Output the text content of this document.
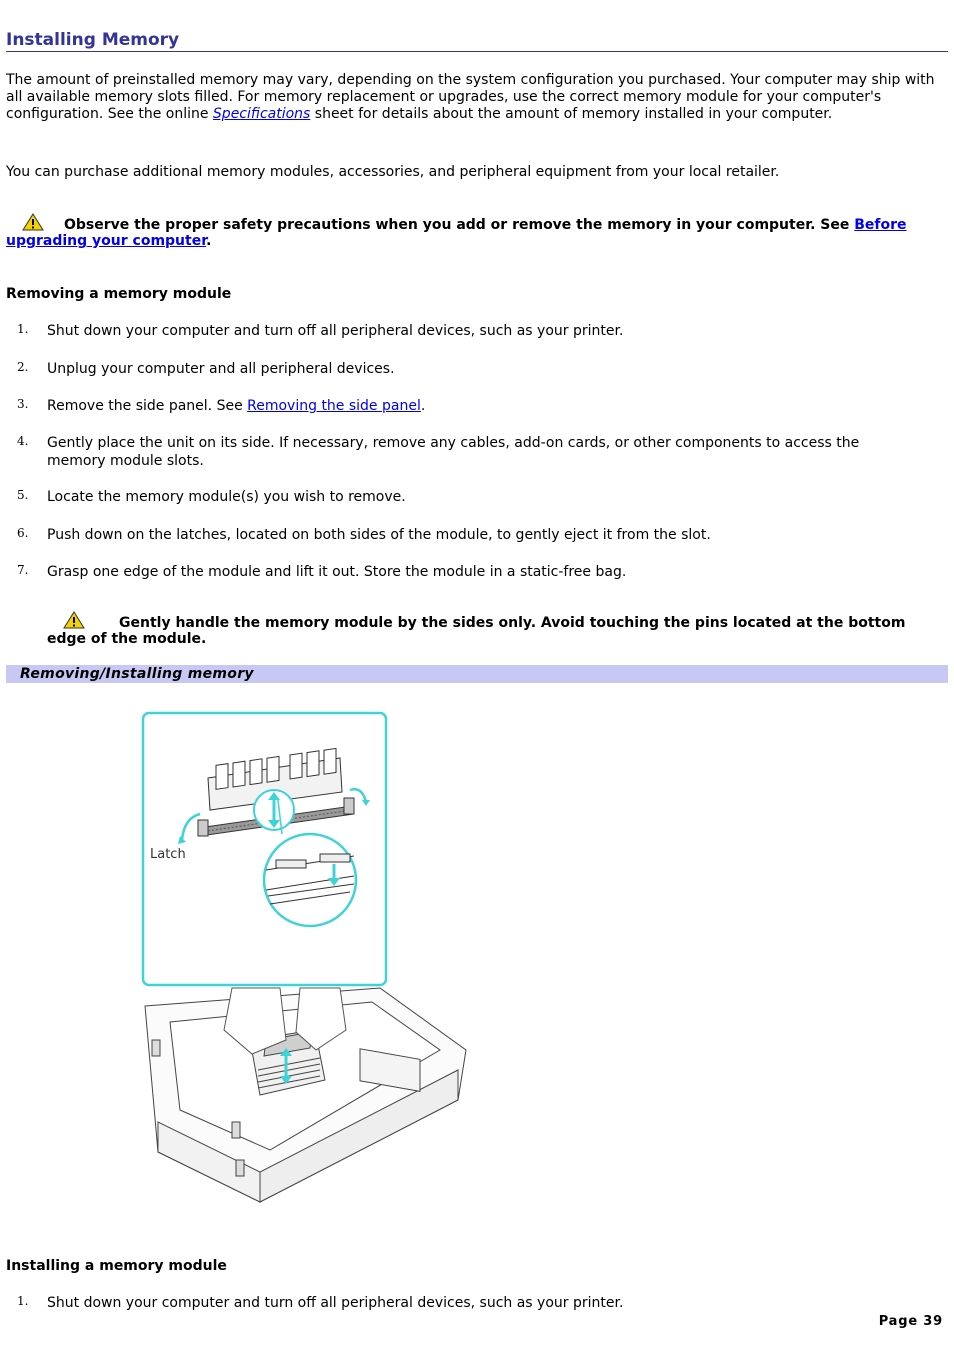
Installing Memory

The amount of preinstalled memory may vary, depending on the system configuration you purchased. Your computer may ship with all available memory slots filled. For memory replacement or upgrades, use the correct memory module for your computer's configuration. See the online Specifications sheet for details about the amount of memory installed in your computer.

You can purchase additional memory modules, accessories, and peripheral equipment from your local retailer.

Observe the proper safety precautions when you add or remove the memory in your computer. See Before upgrading your computer.
Removing a memory module
1.	Shut down your computer and turn off all peripheral devices, such as your printer.
2.	Unplug your computer and all peripheral devices.
3.	Remove the side panel. See Removing the side panel.
4.	Gently place the unit on its side. If necessary, remove any cables, add-on cards, or other components to access the memory module slots.
5.	Locate the memory module(s) you wish to remove.
6.	Push down on the latches, located on both sides of the module, to gently eject it from the slot.
7.	Grasp one edge of the module and lift it out. Store the module in a static-free bag.
Gently handle the memory module by the sides only. Avoid touching the pins located at the bottom edge of the module.
Removing/Installing memory
Latch
Installing a memory module
1.	Shut down your computer and turn off all peripheral devices, such as your printer.
Page 39
